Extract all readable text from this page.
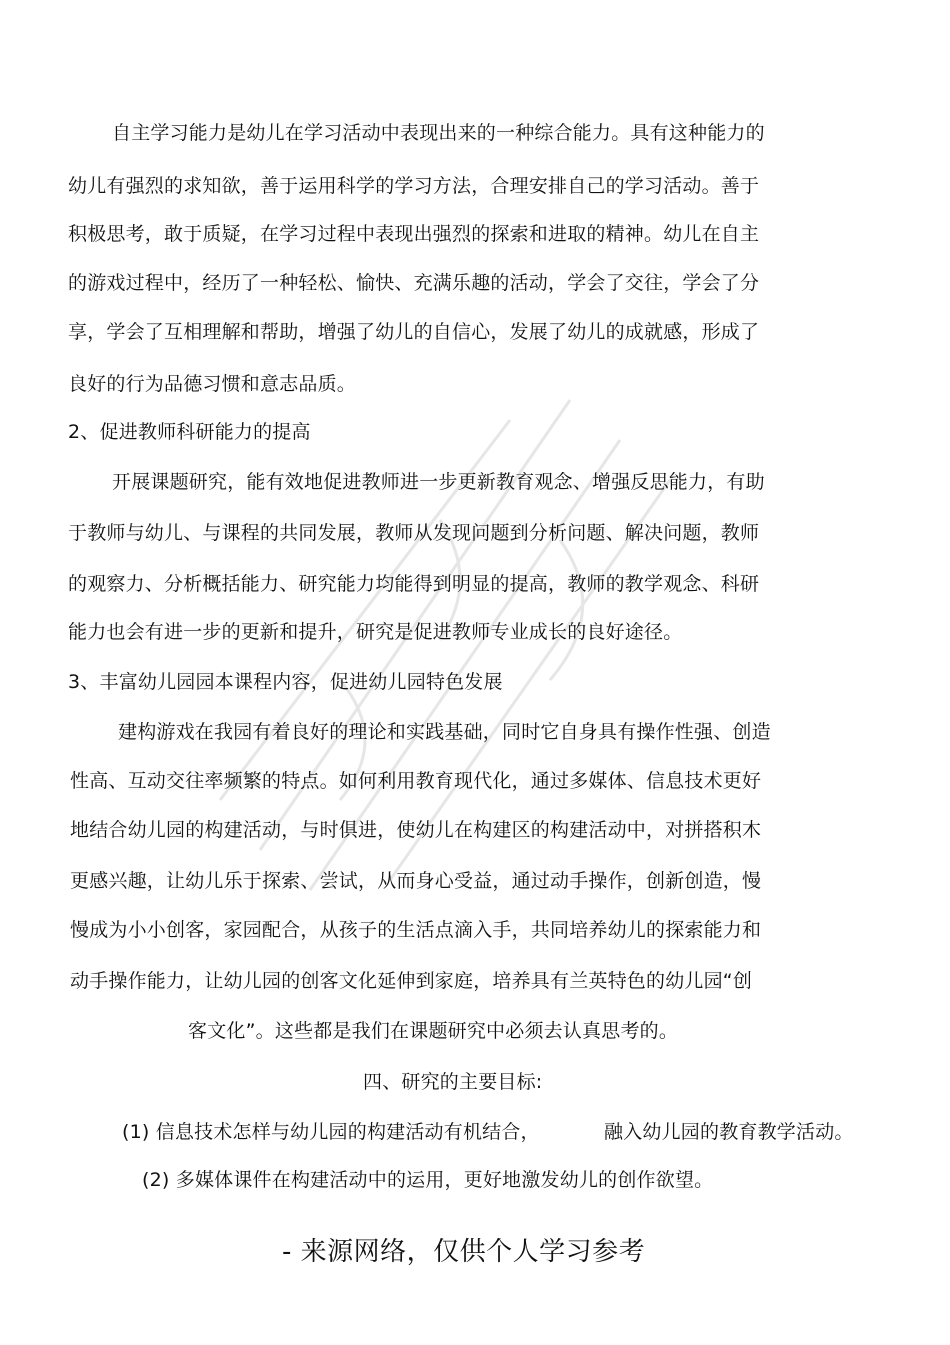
自主学习能力是幼儿在学习活动中表现出来的一种综合能力。具有这种能力的
幼儿有强烈的求知欲，善于运用科学的学习方法，合理安排自己的学习活动。善于
积极思考，敢于质疑，在学习过程中表现出强烈的探索和进取的精神。幼儿在自主
的游戏过程中，经历了一种轻松、愉快、充满乐趣的活动，学会了交往，学会了分
享，学会了互相理解和帮助，增强了幼儿的自信心，发展了幼儿的成就感，形成了
良好的行为品德习惯和意志品质。
2、促进教师科研能力的提高
开展课题研究，能有效地促进教师进一步更新教育观念、增强反思能力，有助
于教师与幼儿、与课程的共同发展，教师从发现问题到分析问题、解决问题，教师
的观察力、分析概括能力、研究能力均能得到明显的提高，教师的教学观念、科研
能力也会有进一步的更新和提升，研究是促进教师专业成长的良好途径。
3、丰富幼儿园园本课程内容，促进幼儿园特色发展
建构游戏在我园有着良好的理论和实践基础，同时它自身具有操作性强、创造
性高、互动交往率频繁的特点。如何利用教育现代化，通过多媒体、信息技术更好
地结合幼儿园的构建活动，与时俱进，使幼儿在构建区的构建活动中，对拼搭积木
更感兴趣，让幼儿乐于探索、尝试，从而身心受益，通过动手操作，创新创造，慢
慢成为小小创客，家园配合，从孩子的生活点滴入手，共同培养幼儿的探索能力和
动手操作能力，让幼儿园的创客文化延伸到家庭，培养具有兰英特色的幼儿园“创
客文化”。这些都是我们在课题研究中必须去认真思考的。
四、研究的主要目标:
(1) 信息技术怎样与幼儿园的构建活动有机结合，	融入幼儿园的教育教学活动。
(2) 多媒体课件在构建活动中的运用，更好地激发幼儿的创作欲望。
- 来源网络，仅供个人学习参考
